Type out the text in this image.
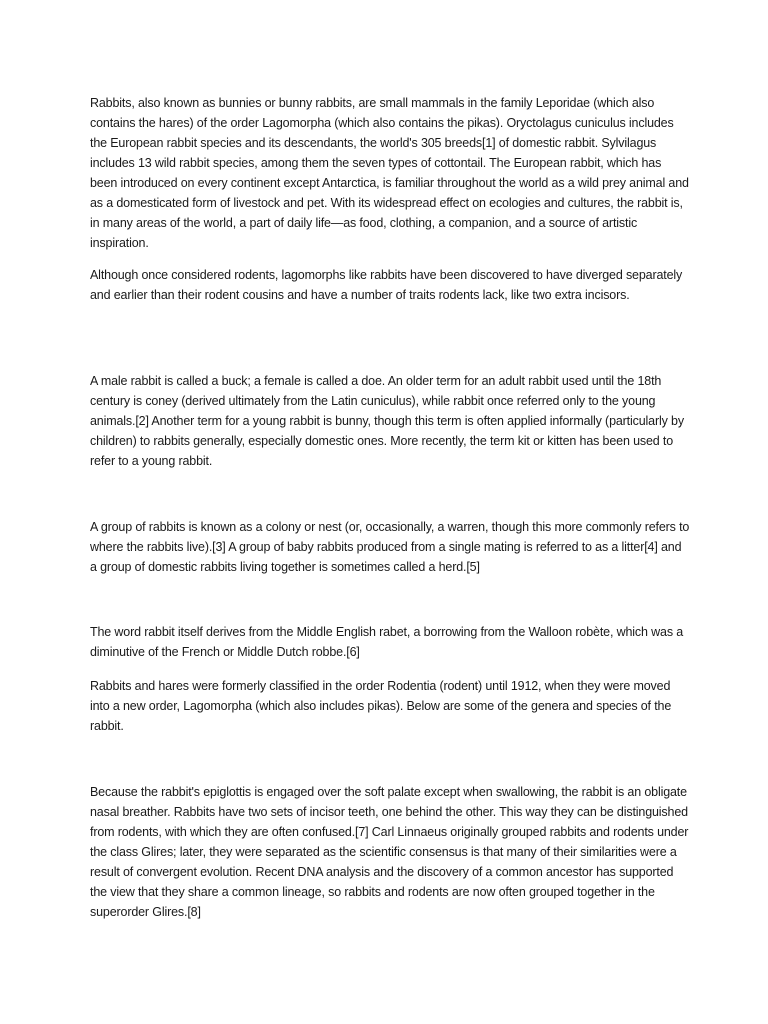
Rabbits, also known as bunnies or bunny rabbits, are small mammals in the family Leporidae (which also contains the hares) of the order Lagomorpha (which also contains the pikas). Oryctolagus cuniculus includes the European rabbit species and its descendants, the world's 305 breeds[1] of domestic rabbit. Sylvilagus includes 13 wild rabbit species, among them the seven types of cottontail. The European rabbit, which has been introduced on every continent except Antarctica, is familiar throughout the world as a wild prey animal and as a domesticated form of livestock and pet. With its widespread effect on ecologies and cultures, the rabbit is, in many areas of the world, a part of daily life—as food, clothing, a companion, and a source of artistic inspiration.

Although once considered rodents, lagomorphs like rabbits have been discovered to have diverged separately and earlier than their rodent cousins and have a number of traits rodents lack, like two extra incisors.

A male rabbit is called a buck; a female is called a doe. An older term for an adult rabbit used until the 18th century is coney (derived ultimately from the Latin cuniculus), while rabbit once referred only to the young animals.[2] Another term for a young rabbit is bunny, though this term is often applied informally (particularly by children) to rabbits generally, especially domestic ones. More recently, the term kit or kitten has been used to refer to a young rabbit.

A group of rabbits is known as a colony or nest (or, occasionally, a warren, though this more commonly refers to where the rabbits live).[3] A group of baby rabbits produced from a single mating is referred to as a litter[4] and a group of domestic rabbits living together is sometimes called a herd.[5]

The word rabbit itself derives from the Middle English rabet, a borrowing from the Walloon robète, which was a diminutive of the French or Middle Dutch robbe.[6]

Rabbits and hares were formerly classified in the order Rodentia (rodent) until 1912, when they were moved into a new order, Lagomorpha (which also includes pikas). Below are some of the genera and species of the rabbit.

Because the rabbit's epiglottis is engaged over the soft palate except when swallowing, the rabbit is an obligate nasal breather. Rabbits have two sets of incisor teeth, one behind the other. This way they can be distinguished from rodents, with which they are often confused.[7] Carl Linnaeus originally grouped rabbits and rodents under the class Glires; later, they were separated as the scientific consensus is that many of their similarities were a result of convergent evolution. Recent DNA analysis and the discovery of a common ancestor has supported the view that they share a common lineage, so rabbits and rodents are now often grouped together in the superorder Glires.[8]
